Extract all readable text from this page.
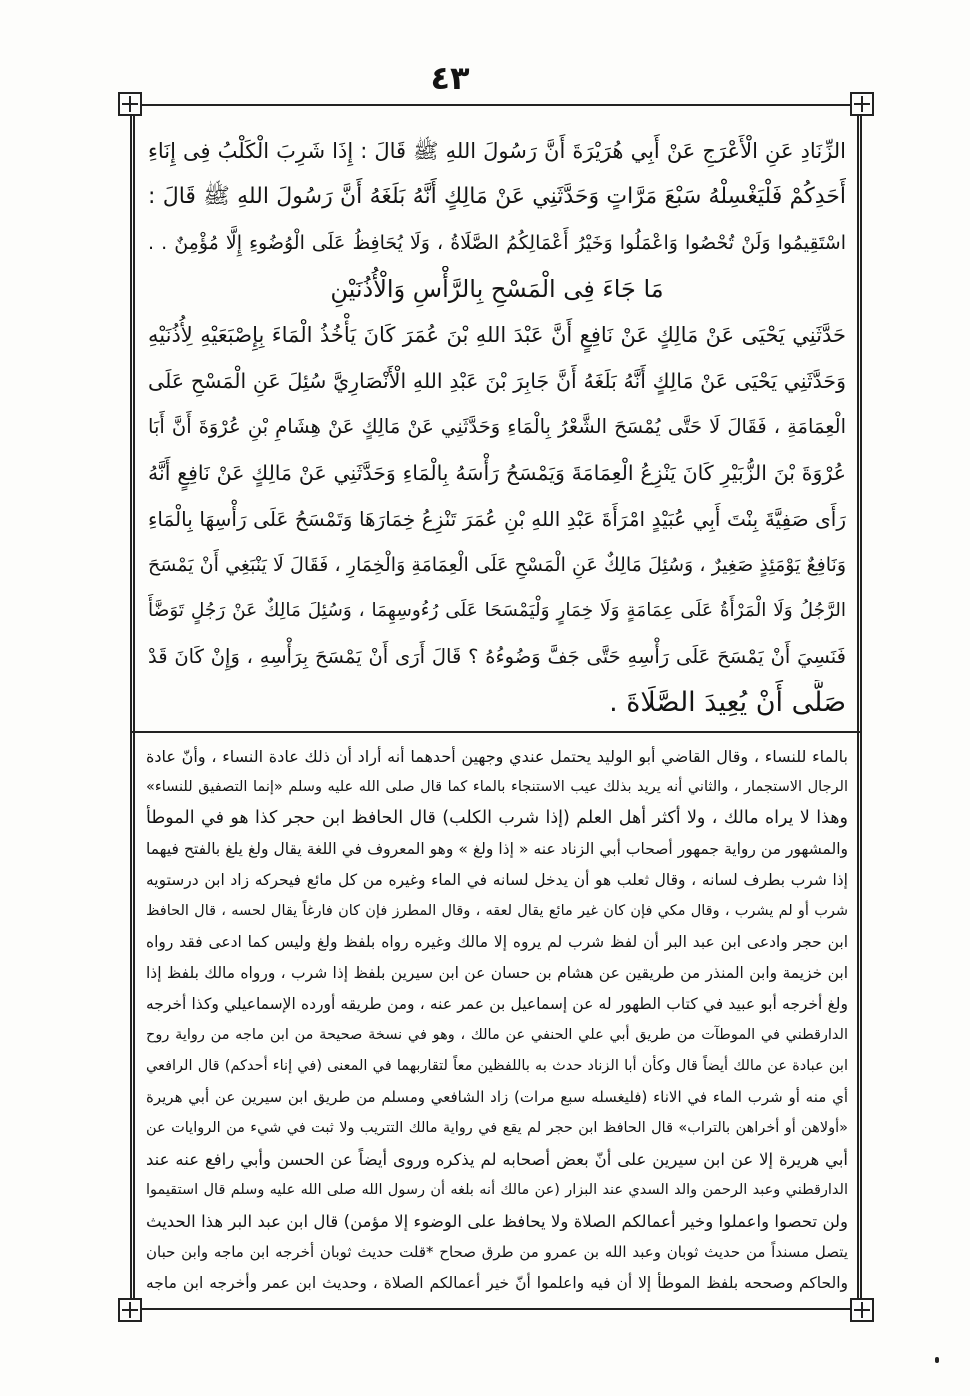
٤٣
الزِّنَادِ عَنِ الْأَعْرَجِ عَنْ أَبِي هُرَيْرَةَ أَنَّ رَسُولَ اللهِ ﷺ قَالَ : إِذَا شَرِبَ الْكَلْبُ فِى إِنَاءِ
أَحَدِكُمْ فَلْيَغْسِلْهُ سَبْعَ مَرَّاتٍ وَحَدَّثَنِي عَنْ مَالِكٍ أَنَّهُ بَلَغَهُ أَنَّ رَسُولَ اللهِ ﷺ قَالَ :
اسْتَقِيمُوا وَلَنْ تُحْصُوا وَاعْمَلُوا وَخَيْرُ أَعْمَالِكُمُ الصَّلَاةُ ، وَلَا يُحَافِظُ عَلَى الْوُضُوءِ إِلَّا مُؤْمِنٌ . .
مَا جَاءَ فِى الْمَسْحِ بِالرَّأْسِ وَالْأُذُنَيْنِ
حَدَّثَنِي يَحْيَى عَنْ مَالِكٍ عَنْ نَافِعٍ أَنَّ عَبْدَ اللهِ بْنَ عُمَرَ كَانَ يَأْخُذُ الْمَاءَ بِإِصْبَعَيْهِ لِأُذُنَيْهِ
وَحَدَّثَنِي يَحْيَى عَنْ مَالِكٍ أَنَّهُ بَلَغَهُ أَنَّ جَابِرَ بْنَ عَبْدِ اللهِ الْأَنْصَارِيَّ سُئِلَ عَنِ الْمَسْحِ عَلَى
الْعِمَامَةِ ، فَقَالَ لَا حَتَّى يُمْسَحَ الشَّعْرُ بِالْمَاءِ وَحَدَّثَنِي عَنْ مَالِكٍ عَنْ هِشَامِ بْنِ عُرْوَةَ أَنَّ أَبَا
عُرْوَةَ بْنَ الزُّبَيْرِ كَانَ يَنْزِعُ الْعِمَامَةَ وَيَمْسَحُ رَأْسَهُ بِالْمَاءِ وَحَدَّثَنِي عَنْ مَالِكٍ عَنْ نَافِعٍ أَنَّهُ
رَأَى صَفِيَّةَ بِنْتَ أَبِي عُبَيْدٍ امْرَأَةَ عَبْدِ اللهِ بْنِ عُمَرَ تَنْزِعُ خِمَارَهَا وَتَمْسَحُ عَلَى رَأْسِهَا بِالْمَاءِ
وَنَافِعٌ يَوْمَئِذٍ صَغِيرٌ ، وَسُئِلَ مَالِكٌ عَنِ الْمَسْحِ عَلَى الْعِمَامَةِ وَالْخِمَارِ ، فَقَالَ لَا يَنْبَغِي أَنْ يَمْسَحَ
الرَّجُلُ وَلَا الْمَرْأَةُ عَلَى عِمَامَةٍ وَلَا خِمَارٍ وَلْيَمْسَحَا عَلَى رُءُوسِهِمَا ، وَسُئِلَ مَالِكٌ عَنْ رَجُلٍ تَوَضَّأَ
فَنَسِيَ أَنْ يَمْسَحَ عَلَى رَأْسِهِ حَتَّى جَفَّ وَضُوءُهُ ؟ قَالَ أَرَى أَنْ يَمْسَحَ بِرَأْسِهِ ، وَإِنْ كَانَ قَدْ
صَلَّى أَنْ يُعِيدَ الصَّلَاةَ .
بالماء للنساء ، وقال القاضي أبو الوليد يحتمل عندي وجهين أحدهما أنه أراد أن ذلك عادة النساء ، وأنّ عادة
الرجال الاستجمار ، والثاني أنه يريد بذلك عيب الاستنجاء بالماء كما قال صلى الله عليه وسلم «إنما التصفيق للنساء»
وهذا لا يراه مالك ، ولا أكثر أهل العلم (إذا شرب الكلب) قال الحافظ ابن حجر كذا هو في الموطأ
والمشهور من رواية جمهور أصحاب أبي الزناد عنه « إذا ولغ » وهو المعروف في اللغة يقال ولغ يلغ بالفتح فيهما
إذا شرب بطرف لسانه ، وقال ثعلب هو أن يدخل لسانه في الماء وغيره من كل مائع فيحركه زاد ابن درستويه
شرب أو لم يشرب ، وقال مكي فإن كان غير مائع يقال لعقه ، وقال المطرز فإن كان فارغاً يقال لحسه ، قال الحافظ
ابن حجر وادعى ابن عبد البر أن لفظ شرب لم يروه إلا مالك وغيره رواه بلفظ ولغ وليس كما ادعى فقد رواه
ابن خزيمة وابن المنذر من طريقين عن هشام بن حسان عن ابن سيرين بلفظ إذا شرب ، ورواه مالك بلفظ إذا
ولغ أخرجه أبو عبيد في كتاب الطهور له عن إسماعيل بن عمر عنه ، ومن طريقه أورده الإسماعيلي وكذا أخرجه
الدارقطني في الموطآت من طريق أبي علي الحنفي عن مالك ، وهو في نسخة صحيحة من ابن ماجه من رواية روح
ابن عبادة عن مالك أيضاً قال وكأن أبا الزناد حدث به باللفظين معاً لتقاربهما في المعنى (في إناء أحدكم) قال الرافعي
أي منه أو شرب الماء في الاناء (فليغسله سبع مرات) زاد الشافعي ومسلم من طريق ابن سيرين عن أبي هريرة
«أولاهن أو أخراهن بالتراب» قال الحافظ ابن حجر لم يقع في رواية مالك التتريب ولا ثبت في شيء من الروايات عن
أبي هريرة إلا عن ابن سيرين على أنّ بعض أصحابه لم يذكره وروى أيضاً عن الحسن وأبي رافع عنه عند
الدارقطني وعبد الرحمن والد السدي عند البزار (عن مالك أنه بلغه أن رسول الله صلى الله عليه وسلم قال استقيموا
ولن تحصوا واعملوا وخير أعمالكم الصلاة ولا يحافظ على الوضوء إلا مؤمن) قال ابن عبد البر هذا الحديث
يتصل مسنداً من حديث ثوبان وعبد الله بن عمرو من طرق صحاح *قلت حديث ثوبان أخرجه ابن ماجه وابن حبان
والحاكم وصححه بلفظ الموطأ إلا أن فيه واعلموا أنّ خير أعمالكم الصلاة ، وحديث ابن عمر وأخرجه ابن ماجه
